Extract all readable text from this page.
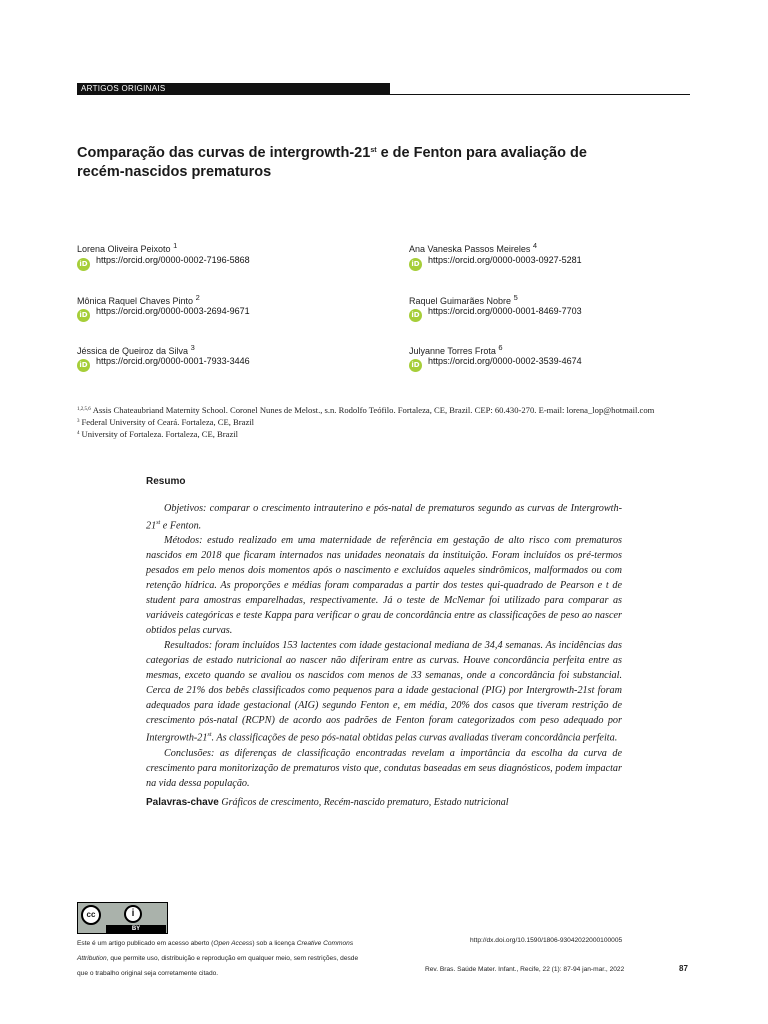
ARTIGOS ORIGINAIS
Comparação das curvas de intergrowth-21st e de Fenton para avaliação de recém-nascidos prematuros
Lorena Oliveira Peixoto $^1$
iD https://orcid.org/0000-0002-7196-5868
Mônica Raquel Chaves Pinto $^2$
iD https://orcid.org/0000-0003-2694-9671
Jéssica de Queiroz da Silva $^3$
iD https://orcid.org/0000-0001-7933-3446
Ana Vaneska Passos Meireles $^4$
iD https://orcid.org/0000-0003-0927-5281
Raquel Guimarães Nobre $^5$
iD https://orcid.org/0000-0001-8469-7703
Julyanne Torres Frota $^6$
iD https://orcid.org/0000-0002-3539-4674
$^{1,2,5,6}$ Assis Chateaubriand Maternity School. Coronel Nunes de Melost., s.n. Rodolfo Teófilo. Fortaleza, CE, Brazil. CEP: 60.430-270. E-mail: lorena_lop@hotmail.com
$^3$ Federal University of Ceará. Fortaleza, CE, Brazil
$^4$ University of Fortaleza. Fortaleza, CE, Brazil
Resumo

Objetivos: comparar o crescimento intrauterino e pós-natal de prematuros segundo as curvas de Intergrowth-21st e Fenton.

Métodos: estudo realizado em uma maternidade de referência em gestação de alto risco com prematuros nascidos em 2018 que ficaram internados nas unidades neonatais da instituição. Foram incluídos os pré-termos pesados em pelo menos dois momentos após o nascimento e excluídos aqueles sindrômicos, malformados ou com retenção hídrica. As proporções e médias foram comparadas a partir dos testes qui-quadrado de Pearson e t de student para amostras emparelhadas, respectivamente. Já o teste de McNemar foi utilizado para comparar as variáveis categóricas e teste Kappa para verificar o grau de concordância entre as classificações de peso ao nascer obtidos pelas curvas.

Resultados: foram incluídos 153 lactentes com idade gestacional mediana de 34,4 semanas. As incidências das categorias de estado nutricional ao nascer não diferiram entre as curvas. Houve concordância perfeita entre as mesmas, exceto quando se avaliou os nascidos com menos de 33 semanas, onde a concordância foi substancial. Cerca de 21% dos bebês classificados como pequenos para a idade gestacional (PIG) por Intergrowth-21st foram adequados para idade gestacional (AIG) segundo Fenton e, em média, 20% dos casos que tiveram restrição de crescimento pós-natal (RCPN) de acordo aos padrões de Fenton foram categorizados com peso adequado por Intergrowth-21st. As classificações de peso pós-natal obtidas pelas curvas avaliadas tiveram concordância perfeita.

Conclusões: as diferenças de classificação encontradas revelam a importância da escolha da curva de crescimento para monitorização de prematuros visto que, condutas baseadas em seus diagnósticos, podem impactar na vida dessa população.

Palavras-chave Gráficos de crescimento, Recém-nascido prematuro, Estado nutricional
cc	i
BY
Este é um artigo publicado em acesso aberto (Open Access) sob a licença Creative Commons Attribution, que permite uso, distribuição e reprodução em qualquer meio, sem restrições, desde que o trabalho original seja corretamente citado.
http://dx.doi.org/10.1590/1806-93042022000100005
Rev. Bras. Saúde Mater. Infant., Recife, 22 (1): 87-94 jan-mar., 2022	87
